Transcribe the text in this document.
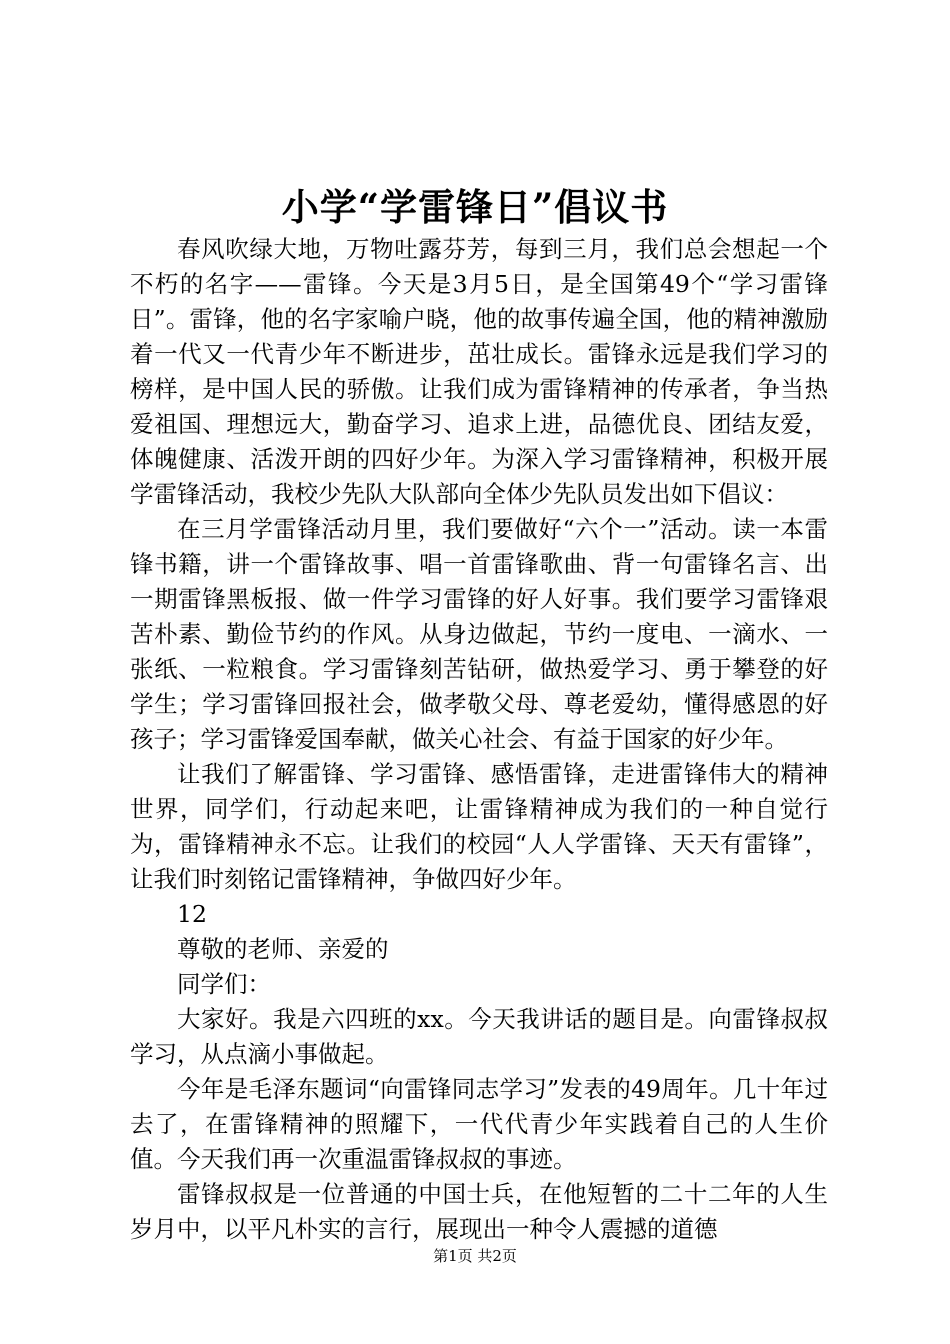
小学“学雷锋日”倡议书

春风吹绿大地，万物吐露芬芳，每到三月，我们总会想起一个不朽的名字——雷锋。今天是3月5日，是全国第49个“学习雷锋日”。雷锋，他的名字家喻户晓，他的故事传遍全国，他的精神激励着一代又一代青少年不断进步，茁壮成长。雷锋永远是我们学习的榜样，是中国人民的骄傲。让我们成为雷锋精神的传承者，争当热爱祖国、理想远大，勤奋学习、追求上进，品德优良、团结友爱，体魄健康、活泼开朗的四好少年。为深入学习雷锋精神，积极开展学雷锋活动，我校少先队大队部向全体少先队员发出如下倡议：

在三月学雷锋活动月里，我们要做好“六个一”活动。读一本雷锋书籍，讲一个雷锋故事、唱一首雷锋歌曲、背一句雷锋名言、出一期雷锋黑板报、做一件学习雷锋的好人好事。我们要学习雷锋艰苦朴素、勤俭节约的作风。从身边做起，节约一度电、一滴水、一张纸、一粒粮食。学习雷锋刻苦钻研，做热爱学习、勇于攀登的好学生；学习雷锋回报社会，做孝敬父母、尊老爱幼，懂得感恩的好孩子；学习雷锋爱国奉献，做关心社会、有益于国家的好少年。

让我们了解雷锋、学习雷锋、感悟雷锋，走进雷锋伟大的精神世界，同学们，行动起来吧，让雷锋精神成为我们的一种自觉行为，雷锋精神永不忘。让我们的校园“人人学雷锋、天天有雷锋”，让我们时刻铭记雷锋精神，争做四好少年。

12

尊敬的老师、亲爱的

同学们：

大家好。我是六四班的xx。今天我讲话的题目是。向雷锋叔叔学习，从点滴小事做起。

今年是毛泽东题词“向雷锋同志学习”发表的49周年。几十年过去了，在雷锋精神的照耀下，一代代青少年实践着自己的人生价值。今天我们再一次重温雷锋叔叔的事迹。

雷锋叔叔是一位普通的中国士兵，在他短暂的二十二年的人生岁月中，以平凡朴实的言行，展现出一种令人震撼的道德

第1页 共2页
